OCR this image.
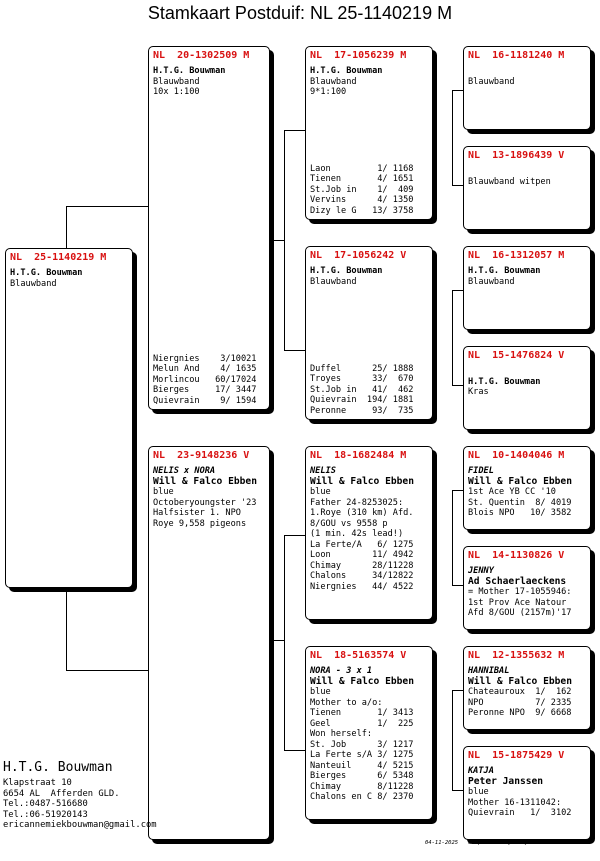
Stamkaart Postduif: NL 25-1140219 M
NL  25-1140219 M
H.T.G. Bouwman
Blauwband
NL  20-1302509 M
H.T.G. Bouwman
Blauwband
10x 1:100
Niergnies    3/10021
Melun And    4/ 1635
Morlincou   60/17024
Bierges     17/ 3447
Quievrain    9/ 1594
NL  23-9148236 V
NELIS x NORA
Will & Falco Ebben
blue
Octoberyoungster '23
Halfsister 1. NPO
Roye 9,558 pigeons
NL  17-1056239 M
H.T.G. Bouwman
Blauwband
9*1:100
Laon         1/ 1168
Tienen       4/ 1651
St.Job in    1/  409
Vervins      4/ 1350
Dizy le G   13/ 3758
NL  17-1056242 V
H.T.G. Bouwman
Blauwband
Duffel      25/ 1888
Troyes      33/  670
St.Job in   41/  462
Quievrain  194/ 1881
Peronne     93/  735
NL  18-1682484 M
NELIS
Will & Falco Ebben
blue
Father 24-8253025:
1.Roye (310 km) Afd.
8/GOU vs 9558 p
(1 min. 42s lead!)
La Ferte/A   6/ 1275
Loon        11/ 4942
Chimay      28/11228
Chalons     34/12822
Niergnies   44/ 4522
NL  18-5163574 V
NORA - 3 x 1
Will & Falco Ebben
blue
Mother to a/o:
Tienen       1/ 3413
Geel         1/  225
Won herself:
St. Job      3/ 1217
La Ferte s/A 3/ 1275
Nanteuil     4/ 5215
Bierges      6/ 5348
Chimay       8/11228
Chalons en C 8/ 2370
NL  16-1181240 M

Blauwband
NL  13-1896439 V

Blauwband witpen
NL  16-1312057 M
H.T.G. Bouwman
Blauwband
NL  15-1476824 V

H.T.G. Bouwman
Kras
NL  10-1404046 M
FIDEL
Will & Falco Ebben
1st Ace YB CC '10
St. Quentin  8/ 4019
Blois NPO   10/ 3582
NL  14-1130826 V
JENNY
Ad Schaerlaeckens
= Mother 17-1055946:
1st Prov Ace Natour
Afd 8/GOU (2157m)'17
NL  12-1355632 M
HANNIBAL
Will & Falco Ebben
Chateauroux  1/  162
NPO          7/ 2335
Peronne NPO  9/ 6668
NL  15-1875429 V
KATJA
Peter Janssen
blue
Mother 16-1311042:
Quievrain   1/  3102
H.T.G. Bouwman
Klapstraat 10
6654 AL  Afferden GLD.
Tel.:0487-516680
Tel.:06-51920143
ericannemiekbouwman@gmail.com
04-11-2025   Compuclub © [9.49]  H.T.G. Bouwman
